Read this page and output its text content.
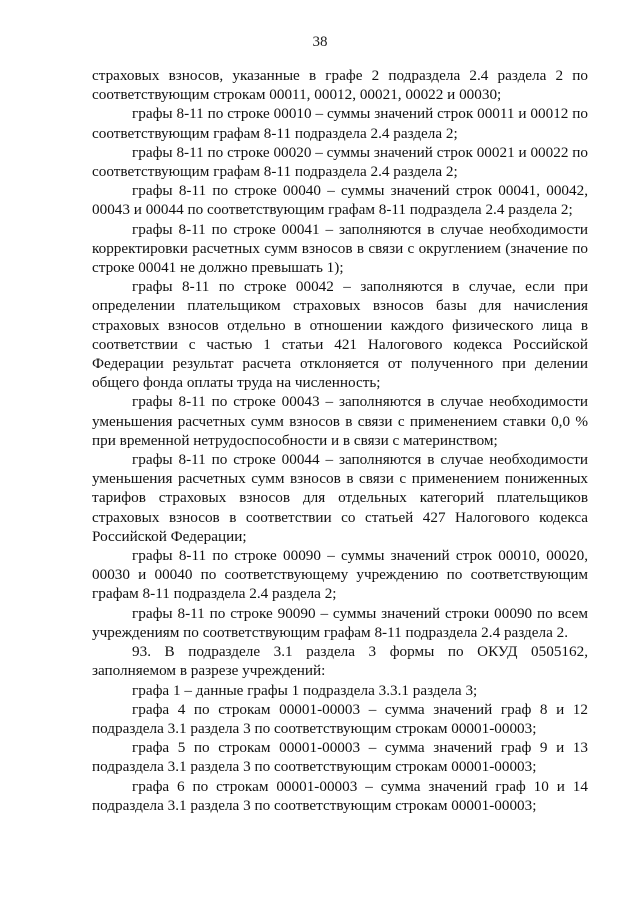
38

страховых взносов, указанные в графе 2 подраздела 2.4 раздела 2 по соответствующим строкам 00011, 00012, 00021, 00022 и 00030;

графы 8-11 по строке 00010 – суммы значений строк 00011 и 00012 по соответствующим графам 8-11 подраздела 2.4 раздела 2;

графы 8-11 по строке 00020 – суммы значений строк 00021 и 00022 по соответствующим графам 8-11 подраздела 2.4 раздела 2;

графы 8-11 по строке 00040 – суммы значений строк 00041, 00042, 00043 и 00044 по соответствующим графам 8-11 подраздела 2.4 раздела 2;

графы 8-11 по строке 00041 – заполняются в случае необходимости корректировки расчетных сумм взносов в связи с округлением (значение по строке 00041 не должно превышать 1);

графы 8-11 по строке 00042 – заполняются в случае, если при определении плательщиком страховых взносов базы для начисления страховых взносов отдельно в отношении каждого физического лица в соответствии с частью 1 статьи 421 Налогового кодекса Российской Федерации результат расчета отклоняется от полученного при делении общего фонда оплаты труда на численность;

графы 8-11 по строке 00043 – заполняются в случае необходимости уменьшения расчетных сумм взносов в связи с применением ставки 0,0 % при временной нетрудоспособности и в связи с материнством;

графы 8-11 по строке 00044 – заполняются в случае необходимости уменьшения расчетных сумм взносов в связи с применением пониженных тарифов страховых взносов для отдельных категорий плательщиков страховых взносов в соответствии со статьей 427 Налогового кодекса Российской Федерации;

графы 8-11 по строке 00090 – суммы значений строк 00010, 00020, 00030 и 00040 по соответствующему учреждению по соответствующим графам 8-11 подраздела 2.4 раздела 2;

графы 8-11 по строке 90090 – суммы значений строки 00090 по всем учреждениям по соответствующим графам 8-11 подраздела 2.4 раздела 2.

93. В подразделе 3.1 раздела 3 формы по ОКУД 0505162, заполняемом в разрезе учреждений:

графа 1 – данные графы 1 подраздела 3.3.1 раздела 3;

графа 4 по строкам 00001-00003 – сумма значений граф 8 и 12 подраздела 3.1 раздела 3 по соответствующим строкам 00001-00003;

графа 5 по строкам 00001-00003 – сумма значений граф 9 и 13 подраздела 3.1 раздела 3 по соответствующим строкам 00001-00003;

графа 6 по строкам 00001-00003 – сумма значений граф 10 и 14 подраздела 3.1 раздела 3 по соответствующим строкам 00001-00003;
